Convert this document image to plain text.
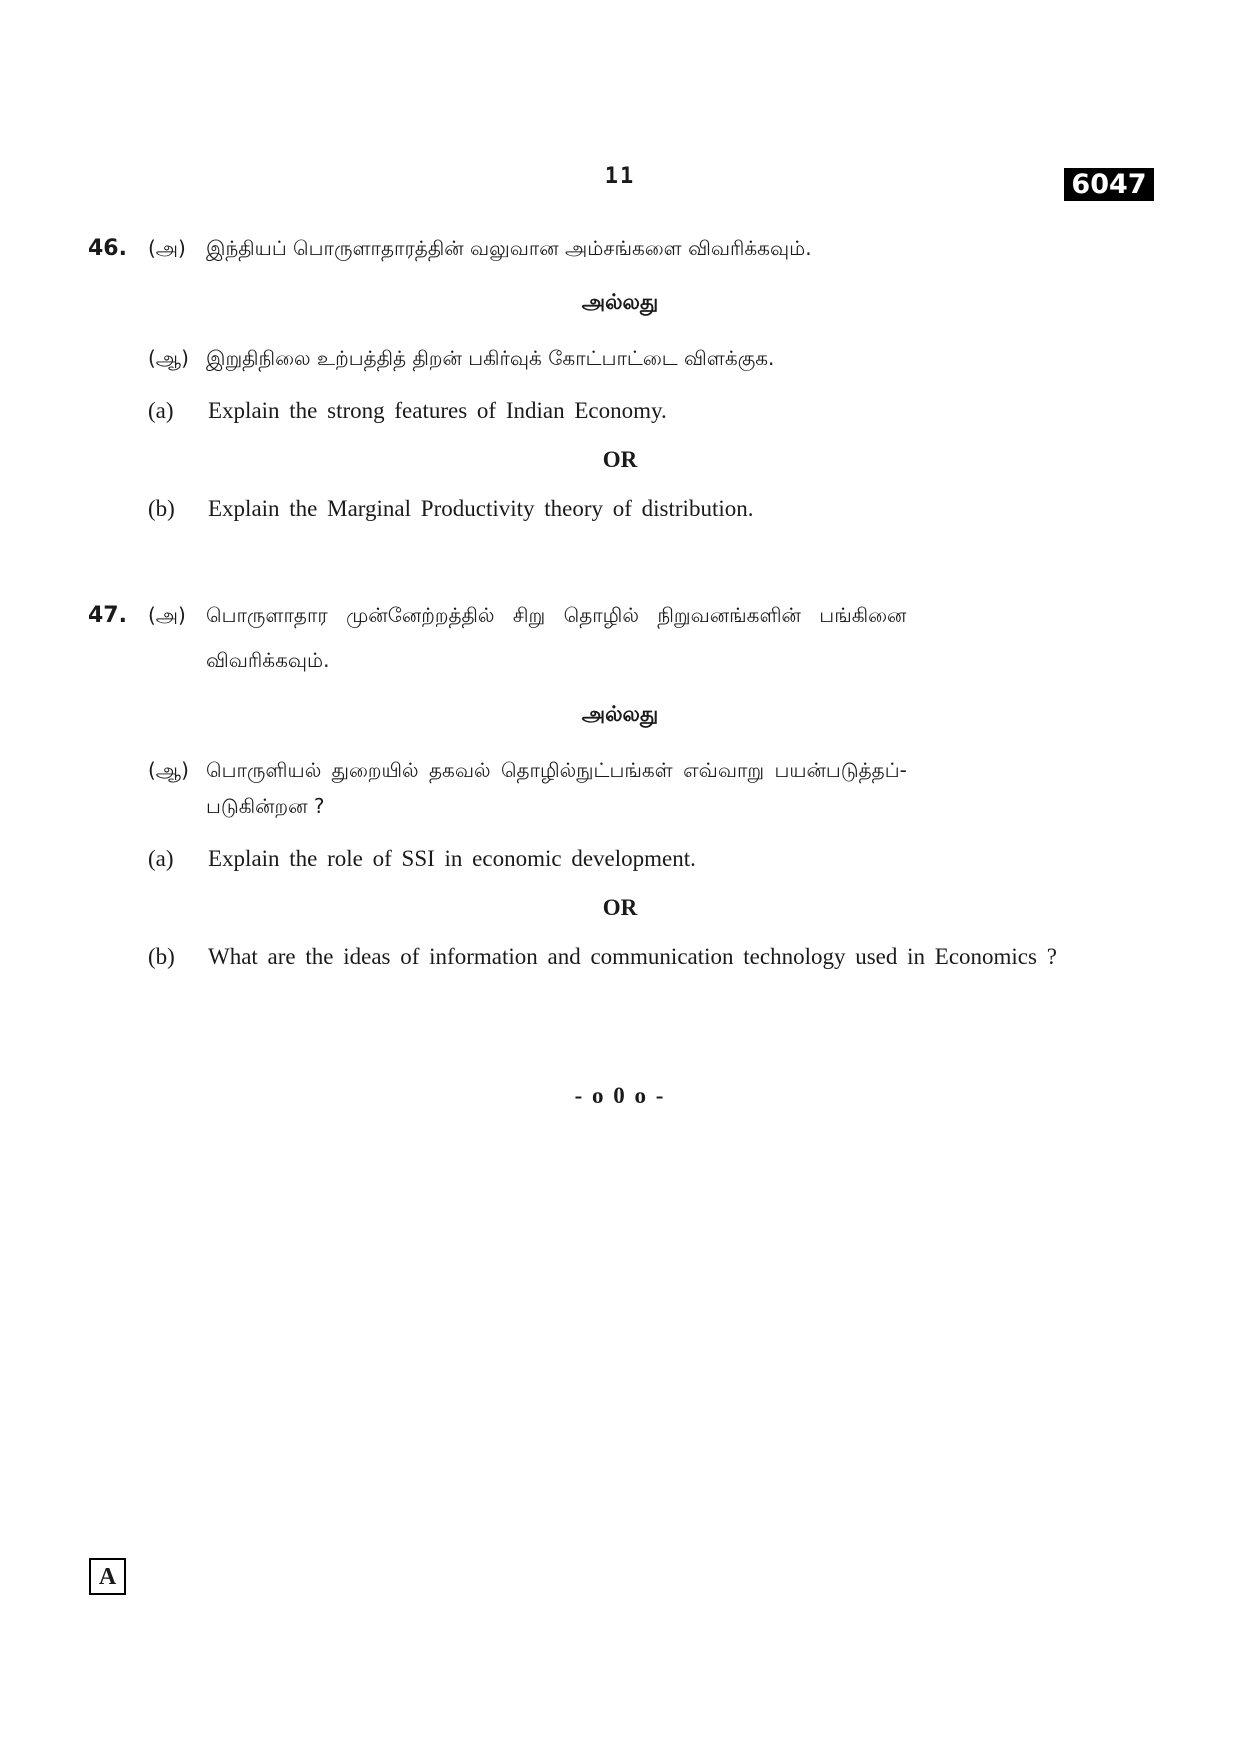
11	6047
46. (அ) இந்தியப் பொருளாதாரத்தின் வலுவான அம்சங்களை விவரிக்கவும்.
அல்லது
(ஆ) இறுதிநிலை உற்பத்தித் திறன் பகிர்வுக் கோட்பாட்டை விளக்குக.
(a) Explain the strong features of Indian Economy.
OR
(b) Explain the Marginal Productivity theory of distribution.
47. (அ) பொருளாதார முன்னேற்றத்தில் சிறு தொழில் நிறுவனங்களின் பங்கினை
விவரிக்கவும்.
அல்லது
(ஆ) பொருளியல் துறையில் தகவல் தொழில்நுட்பங்கள் எவ்வாறு பயன்படுத்தப்-
படுகின்றன ?
(a) Explain the role of SSI in economic development.
OR
(b) What are the ideas of information and communication technology used in Economics ?
- o 0 o -
A
